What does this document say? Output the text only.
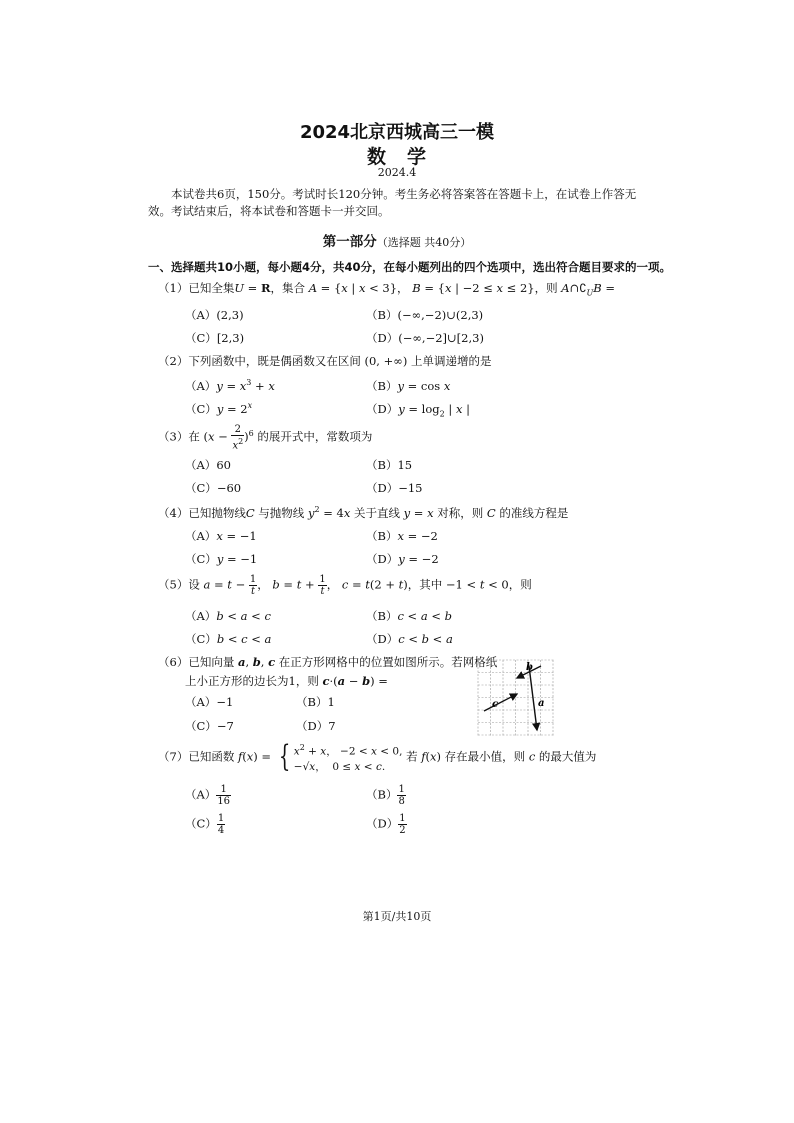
2024北京西城高三一模
数　学
2024.4
本试卷共6页，150分。考试时长120分钟。考生务必将答案答在答题卡上，在试卷上作答无效。考试结束后，将本试卷和答题卡一并交回。
第一部分（选择题 共40分）
一、选择题共10小题，每小题4分，共40分，在每小题列出的四个选项中，选出符合题目要求的一项。
（1）已知全集U = R，集合 A = {x | x < 3}， B = {x | −2 ≤ x ≤ 2}，则 $A\cap∁_UB$ =
（A）(2,3)	（B）(−∞,−2)∪(2,3)
（C）[2,3)	（D）(−∞,−2]∪[2,3)
（2）下列函数中，既是偶函数又在区间 (0, +∞) 上单调递增的是
$(A)y = x^3 + x$	（B）y = cos x
$(C)y = 2^x$	$(D)y = \log_2$ | x |
（3）在 $(x - \frac{2}{x^2} )^6$ 的展开式中，常数项为
（A）60	（B）15
（C）−60	（D）−15
（4）已知抛物线C 与抛物线 $y^2 = 4x$ 关于直线 y = x 对称，则 C 的准线方程是
（A）x = −1	（B）x = −2
（C）y = −1	（D）y = −2
（5）设 $a = t - \frac{1}{t}$ ， $b = t + \frac{1}{t}$ ， c = t(2 + t)，其中 −1 < t < 0，则
（A）b < a < c	（B）c < a < b
（C）b < c < a	（D）c < b < a
（6）已知向量 a, b, c 在正方形网格中的位置如图所示。若网格纸
上小正方形的边长为1，则 c·(a − b) =
（A）−1	（B）1
（C）−7	（D）7
b
c	a
（7）已知函数 f(x) = { $x^2 + x$， −2 < x < 0,
−√x，  0 ≤ x < c. 若 f(x) 存在最小值，则 c 的最大值为
$(A) \frac{1}{16}$	$(B) \frac{1}{8}$
$(C) \frac{1}{4}$	$(D) \frac{1}{2}$
第1页/共10页
